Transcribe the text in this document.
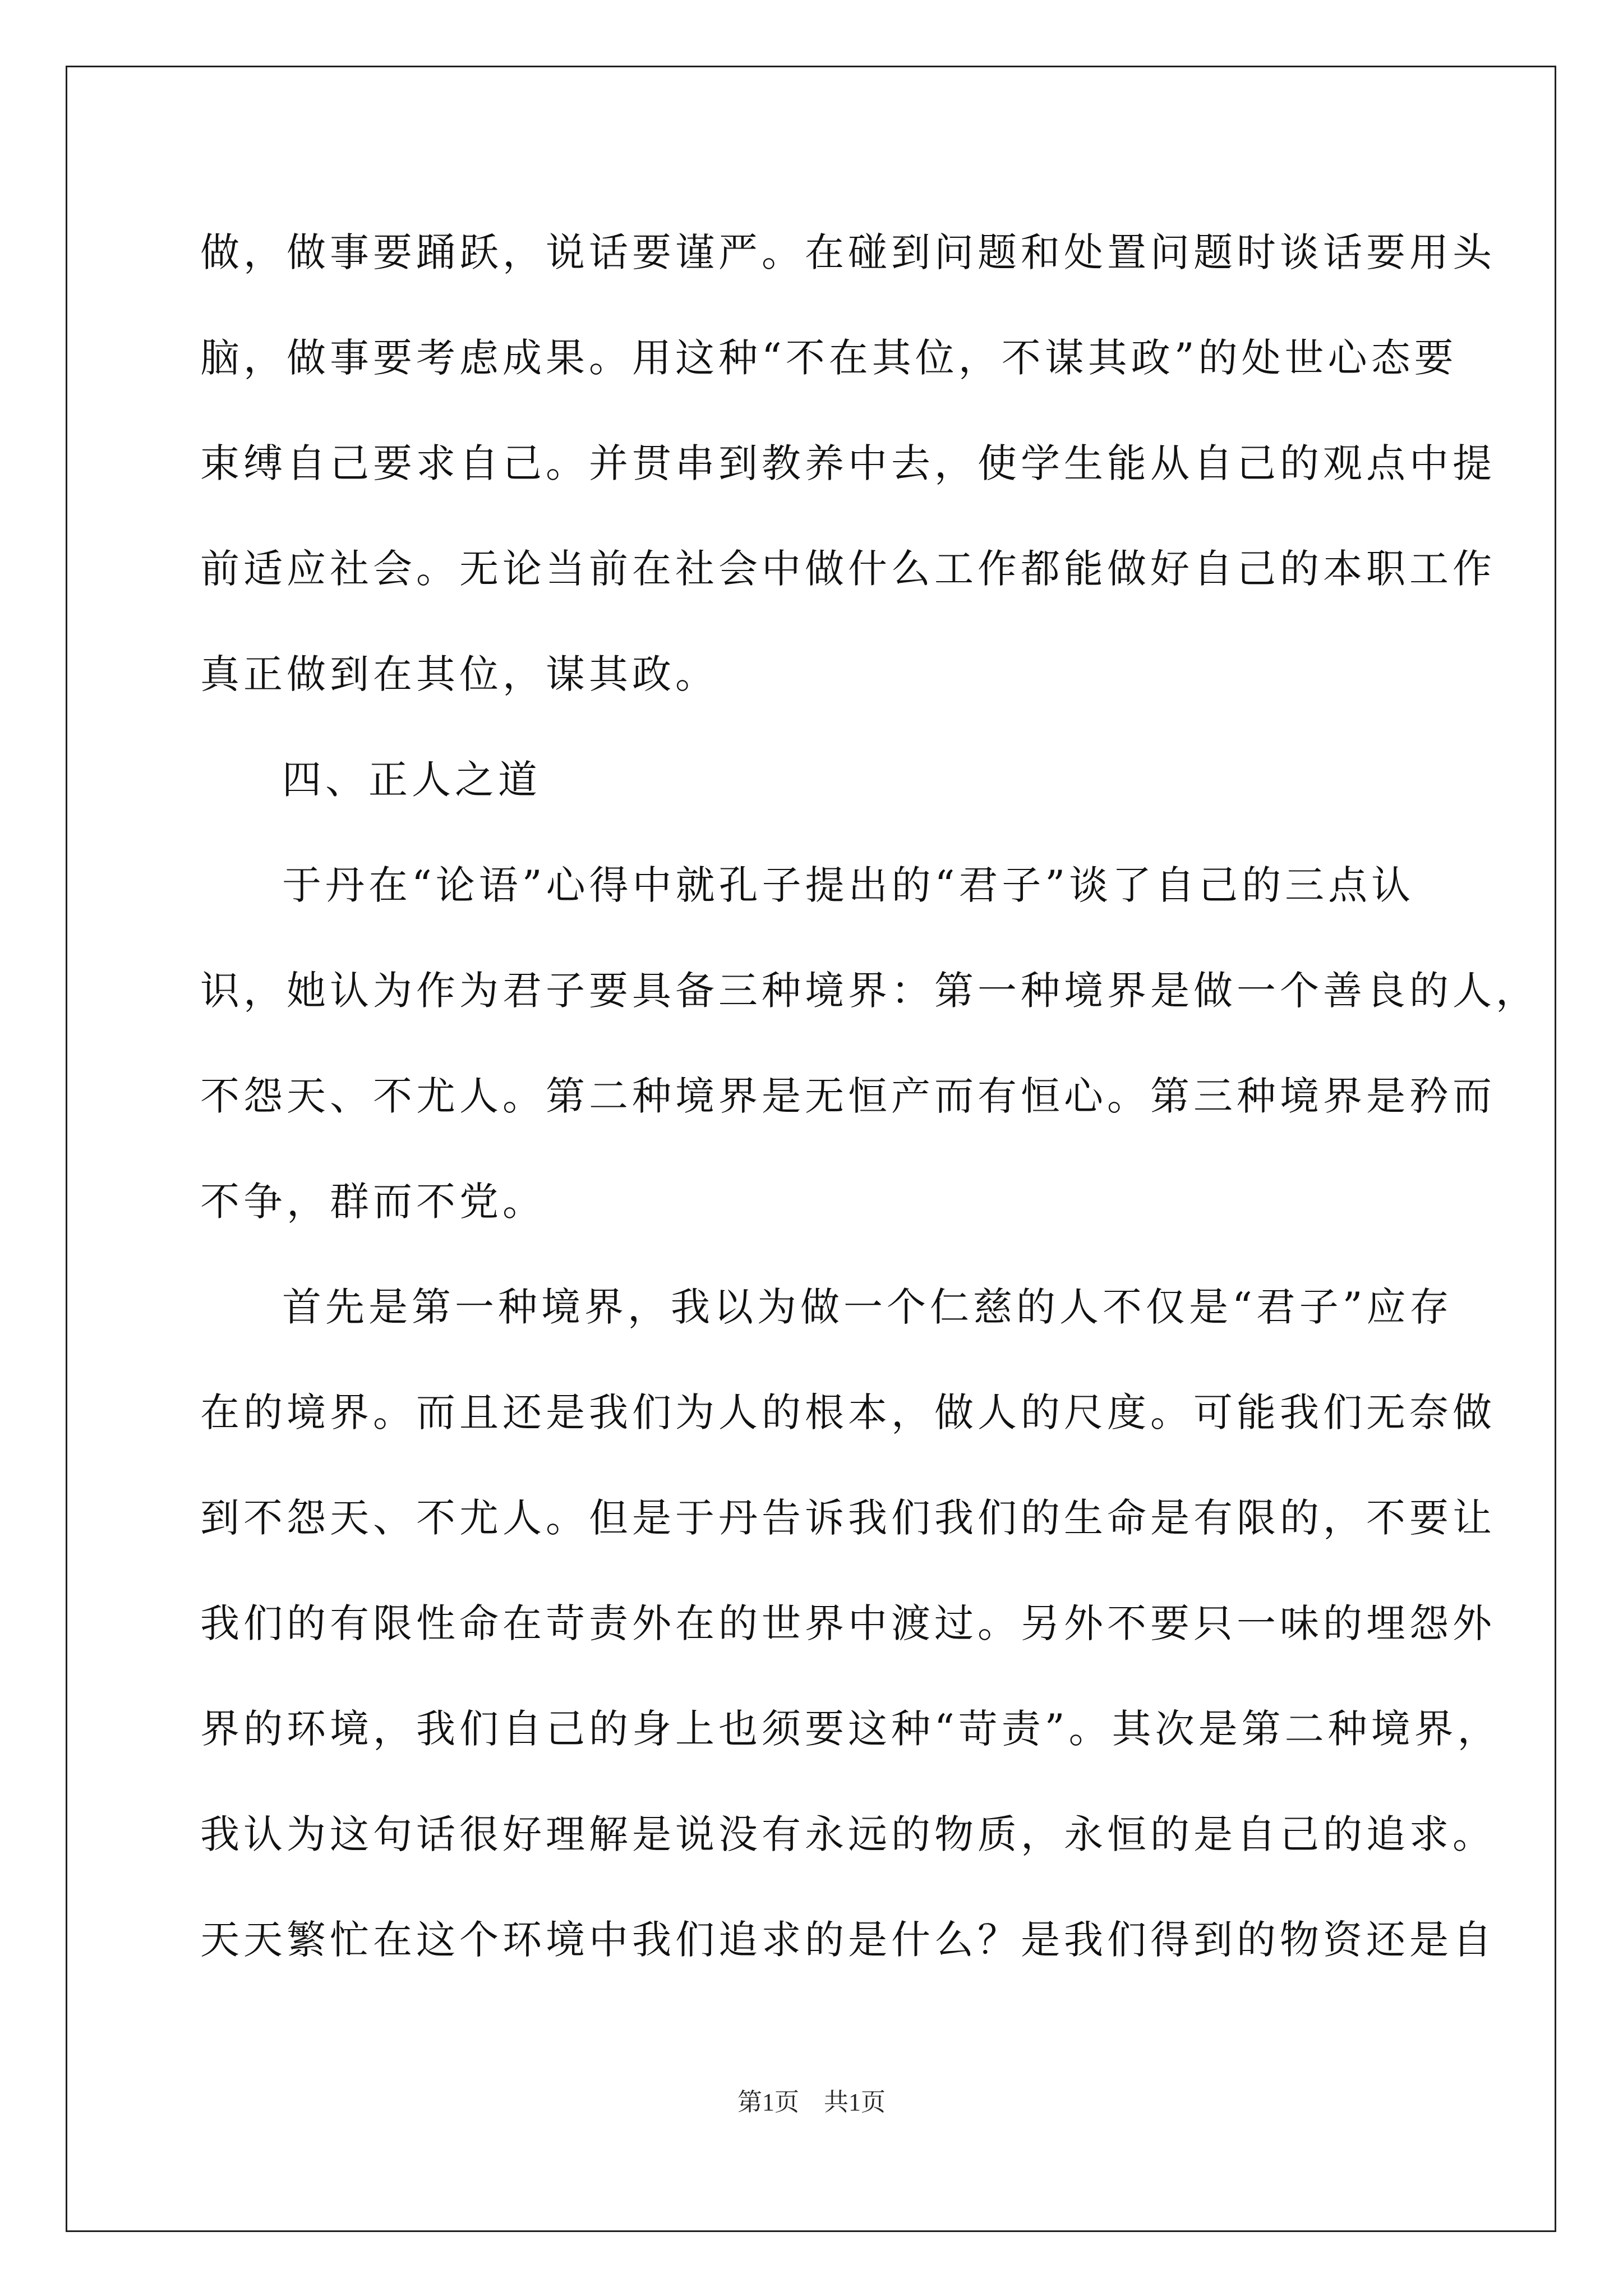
做，做事要踊跃，说话要谨严。在碰到问题和处置问题时谈话要用头
脑，做事要考虑成果。用这种“不在其位，不谋其政”的处世心态要
束缚自己要求自己。并贯串到教养中去，使学生能从自己的观点中提
前适应社会。无论当前在社会中做什么工作都能做好自己的本职工作
真正做到在其位，谋其政。
四、正人之道
于丹在“论语”心得中就孔子提出的“君子”谈了自己的三点认
识，她认为作为君子要具备三种境界：第一种境界是做一个善良的人，
不怨天、不尤人。第二种境界是无恒产而有恒心。第三种境界是矜而
不争，群而不党。
首先是第一种境界，我以为做一个仁慈的人不仅是“君子”应存
在的境界。而且还是我们为人的根本，做人的尺度。可能我们无奈做
到不怨天、不尤人。但是于丹告诉我们我们的生命是有限的，不要让
我们的有限性命在苛责外在的世界中渡过。另外不要只一味的埋怨外
界的环境，我们自己的身上也须要这种“苛责”。其次是第二种境界，
我认为这句话很好理解是说没有永远的物质，永恒的是自己的追求。
天天繁忙在这个环境中我们追求的是什么？是我们得到的物资还是自
第1页　共1页
